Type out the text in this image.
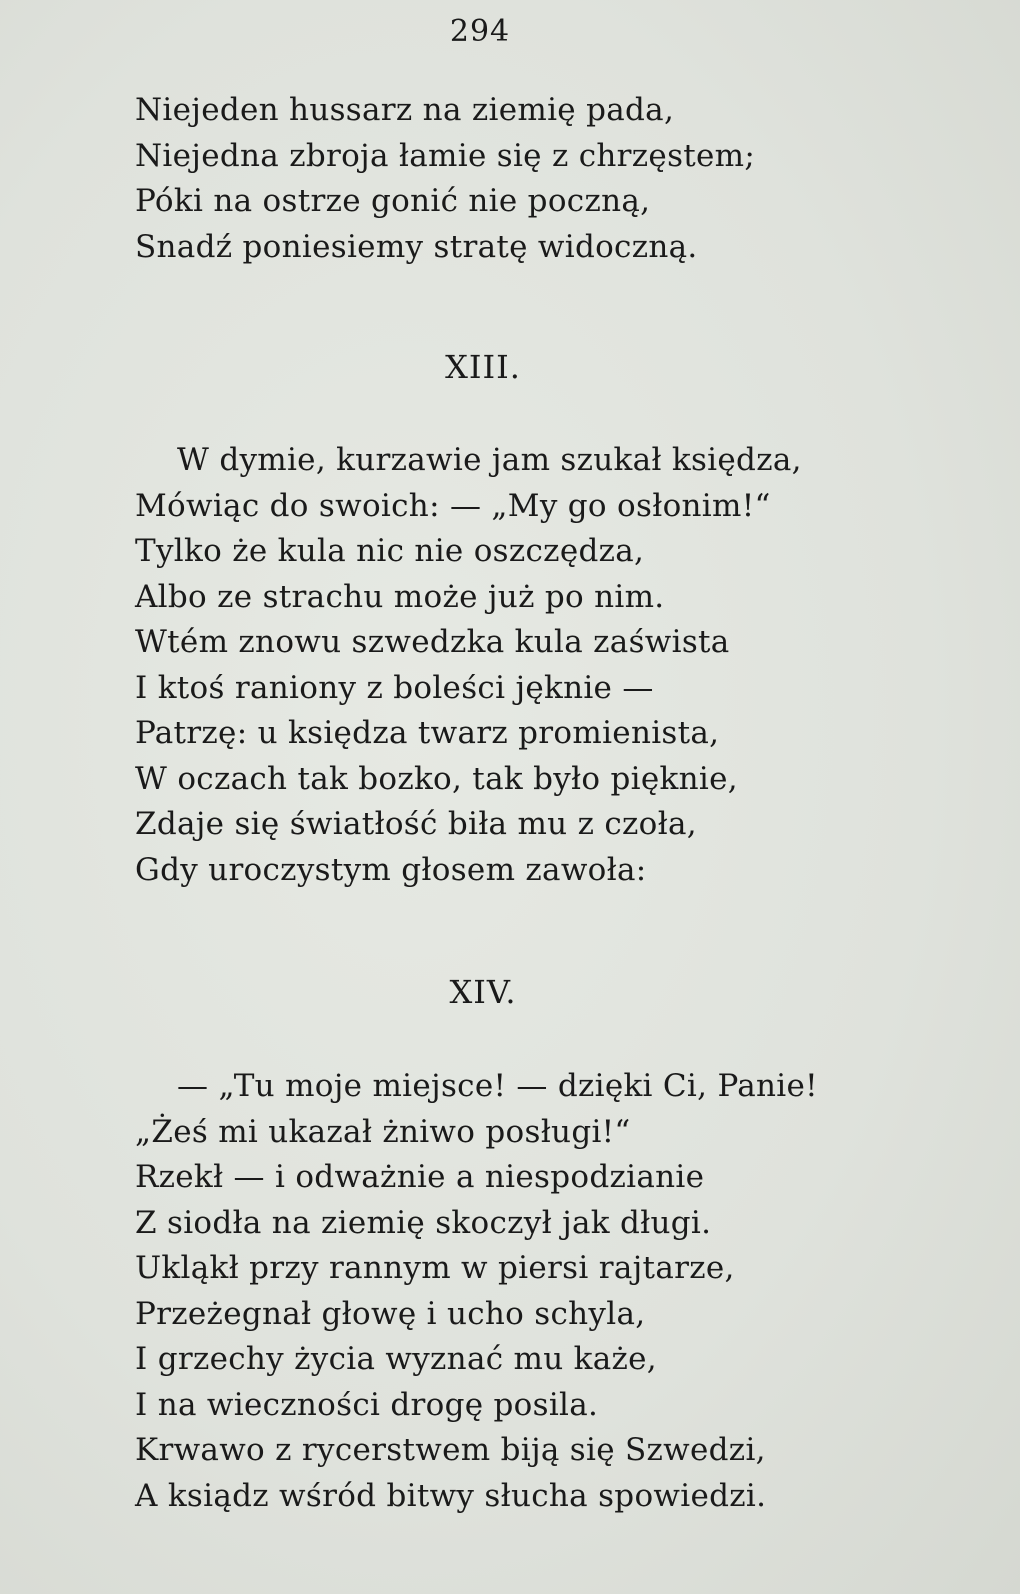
294
Niejeden hussarz na ziemię pada,
Niejedna zbroja łamie się z chrzęstem;
Póki na ostrze gonić nie poczną,
Snadź poniesiemy stratę widoczną.
XIII.
W dymie, kurzawie jam szukał księdza,
Mówiąc do swoich: — „My go osłonim!“
Tylko że kula nic nie oszczędza,
Albo ze strachu może już po nim.
Wtém znowu szwedzka kula zaśwista
I ktoś raniony z boleści jęknie —
Patrzę: u księdza twarz promienista,
W oczach tak bozko, tak było pięknie,
Zdaje się światłość biła mu z czoła,
Gdy uroczystym głosem zawoła:
XIV.
— „Tu moje miejsce! — dzięki Ci, Panie!
„Żeś mi ukazał żniwo posługi!“
Rzekł — i odważnie a niespodzianie
Z siodła na ziemię skoczył jak długi.
Ukląkł przy rannym w piersi rajtarze,
Przeżegnał głowę i ucho schyla,
I grzechy życia wyznać mu każe,
I na wieczności drogę posila.
Krwawo z rycerstwem biją się Szwedzi,
A ksiądz wśród bitwy słucha spowiedzi.
